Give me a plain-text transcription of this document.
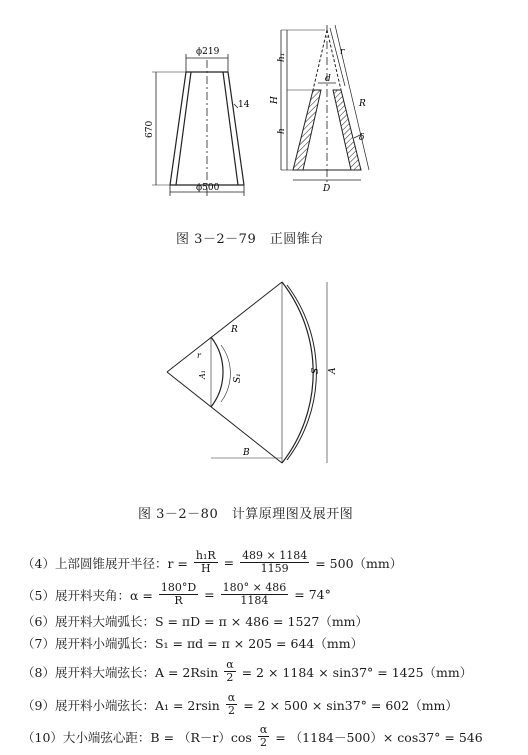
ϕ219
670
14
ϕ500
h₁
H
h
d
r
R
δ
D
图 3－2－79　正圆锥台
R
r
A₁	S₁
S A
B
图 3－2－80　计算原理图及展开图
（4）上部圆锥展开半径：$r = \frac{\text{h₁R}}{H} = \frac{489 \times 1184}{1159} = 500(mm)$
（5）展开料夹角：$\alpha = \frac{180^\circ D}{R} = \frac{180^\circ \times 486}{1184} = 74^\circ$
（6）展开料大端弧长：S = πD = π × 486 = 1527（mm）
（7）展开料小端弧长：S₁ = πd = π × 205 = 644（mm）
（8）展开料大端弦长：$A = 2Rsin \frac{\alpha}{2} = 2 \times 1184 \times \sin 37^\circ = 1425(mm)$
（9）展开料小端弦长：$A_1 = 2rsin \frac{\alpha}{2} = 2 \times 500 \times \sin 37^\circ = 602(mm)$
（10）大小端弦心距：$B = (R-r)\cos \frac{\alpha}{2} = (1184-500)\times \cos 37^\circ = 546$
